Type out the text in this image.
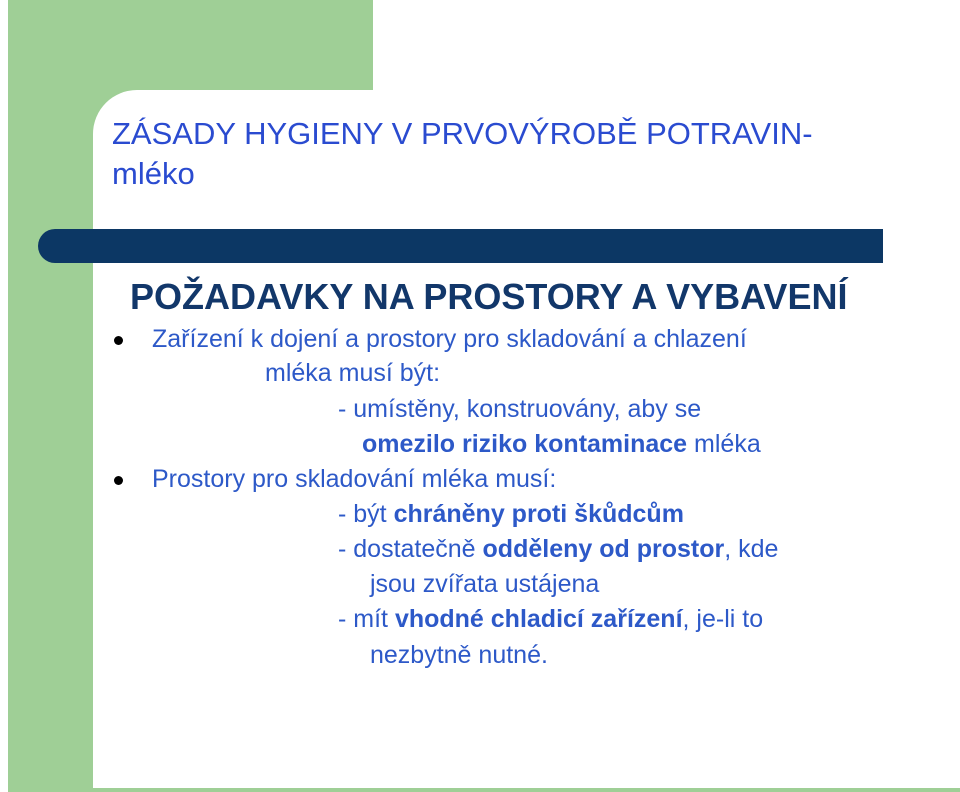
ZÁSADY HYGIENY V PRVOVÝROBĚ POTRAVIN-
mléko
POŽADAVKY NA PROSTORY A VYBAVENÍ
Zařízení k dojení a prostory pro skladování a chlazení
mléka musí být:
- umístěny, konstruovány, aby se
omezilo riziko kontaminace mléka
Prostory pro skladování mléka musí:
- být chráněny proti škůdcům
- dostatečně odděleny od prostor, kde
jsou zvířata ustájena
- mít vhodné chladicí zařízení, je-li to
nezbytně nutné.
